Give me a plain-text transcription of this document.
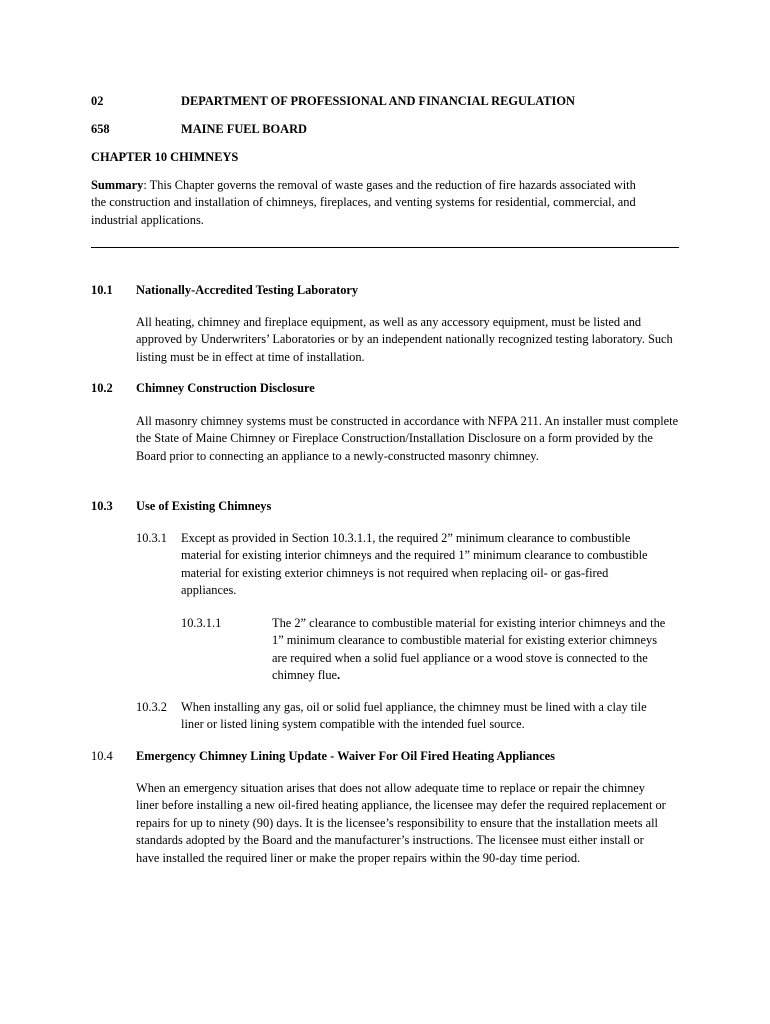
02	DEPARTMENT OF PROFESSIONAL AND FINANCIAL REGULATION
658	MAINE FUEL BOARD
CHAPTER 10 CHIMNEYS
Summary: This Chapter governs the removal of waste gases and the reduction of fire hazards associated with the construction and installation of chimneys, fireplaces, and venting systems for residential, commercial, and industrial applications.
10.1 Nationally-Accredited Testing Laboratory
All heating, chimney and fireplace equipment, as well as any accessory equipment, must be listed and approved by Underwriters’ Laboratories or by an independent nationally recognized testing laboratory. Such listing must be in effect at time of installation.
10.2 Chimney Construction Disclosure
All masonry chimney systems must be constructed in accordance with NFPA 211. An installer must complete the State of Maine Chimney or Fireplace Construction/Installation Disclosure on a form provided by the Board prior to connecting an appliance to a newly-constructed masonry chimney.
10.3 Use of Existing Chimneys
10.3.1 Except as provided in Section 10.3.1.1, the required 2” minimum clearance to combustible material for existing interior chimneys and the required 1” minimum clearance to combustible material for existing exterior chimneys is not required when replacing oil- or gas-fired appliances.
10.3.1.1	The 2” clearance to combustible material for existing interior chimneys and the 1” minimum clearance to combustible material for existing exterior chimneys are required when a solid fuel appliance or a wood stove is connected to the chimney flue.
10.3.2 When installing any gas, oil or solid fuel appliance, the chimney must be lined with a clay tile liner or listed lining system compatible with the intended fuel source.
10.4 Emergency Chimney Lining Update - Waiver For Oil Fired Heating Appliances
When an emergency situation arises that does not allow adequate time to replace or repair the chimney liner before installing a new oil-fired heating appliance, the licensee may defer the required replacement or repairs for up to ninety (90) days. It is the licensee’s responsibility to ensure that the installation meets all standards adopted by the Board and the manufacturer’s instructions. The licensee must either install or have installed the required liner or make the proper repairs within the 90-day time period.
